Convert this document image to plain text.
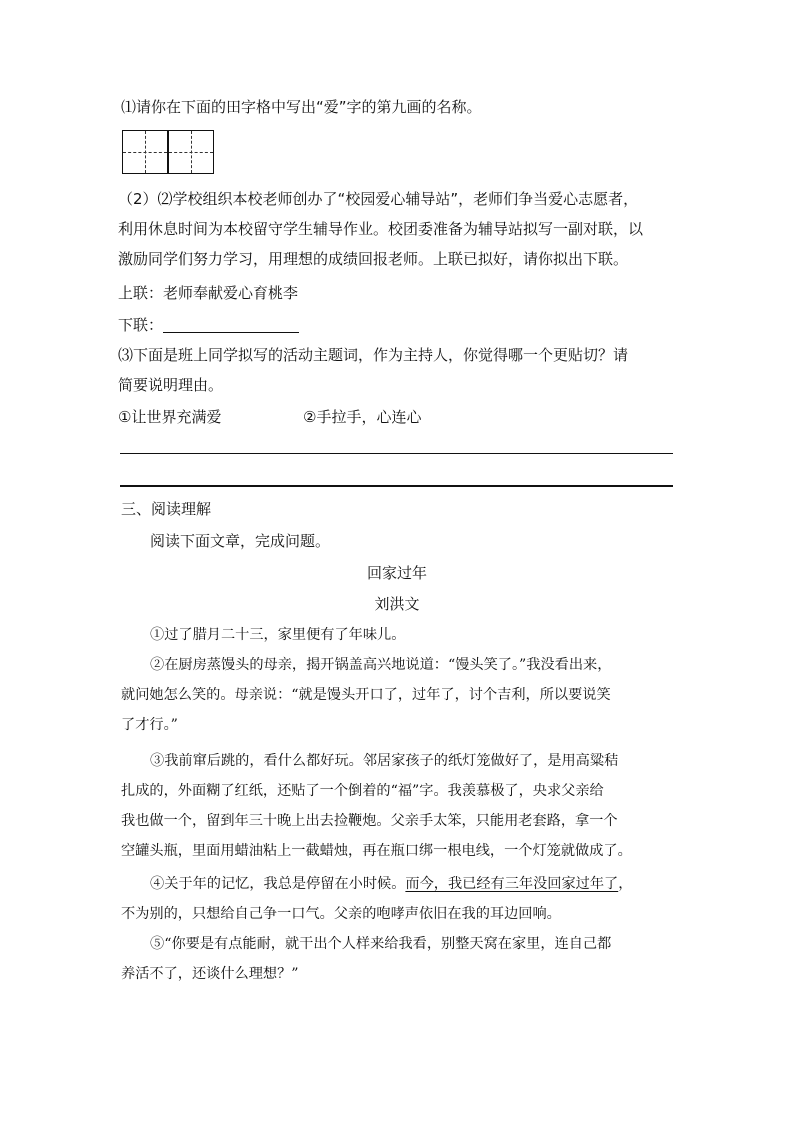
⑴请你在下面的田字格中写出“爱”字的第九画的名称。
（2）⑵学校组织本校老师创办了“校园爱心辅导站”，老师们争当爱心志愿者，
利用休息时间为本校留守学生辅导作业。校团委准备为辅导站拟写一副对联，以
激励同学们努力学习，用理想的成绩回报老师。上联已拟好，请你拟出下联。
上联：老师奉献爱心育桃李
下联：
⑶下面是班上同学拟写的活动主题词，作为主持人，你觉得哪一个更贴切？请
简要说明理由。
①让世界充满爱	②手拉手，心连心
三、阅读理解
阅读下面文章，完成问题。
回家过年
刘洪文
①过了腊月二十三，家里便有了年味儿。
②在厨房蒸馒头的母亲，揭开锅盖高兴地说道：“馒头笑了。”我没看出来，
就问她怎么笑的。母亲说：“就是馒头开口了，过年了，讨个吉利，所以要说笑
了才行。”
③我前窜后跳的，看什么都好玩。邻居家孩子的纸灯笼做好了，是用高粱秸
扎成的，外面糊了红纸，还贴了一个倒着的“福”字。我羡慕极了，央求父亲给
我也做一个，留到年三十晚上出去捡鞭炮。父亲手太笨，只能用老套路，拿一个
空罐头瓶，里面用蜡油粘上一截蜡烛，再在瓶口绑一根电线，一个灯笼就做成了。
④关于年的记忆，我总是停留在小时候。而今，我已经有三年没回家过年了，
不为别的，只想给自己争一口气。父亲的咆哮声依旧在我的耳边回响。
⑤“你要是有点能耐，就干出个人样来给我看，别整天窝在家里，连自己都
养活不了，还谈什么理想？”
